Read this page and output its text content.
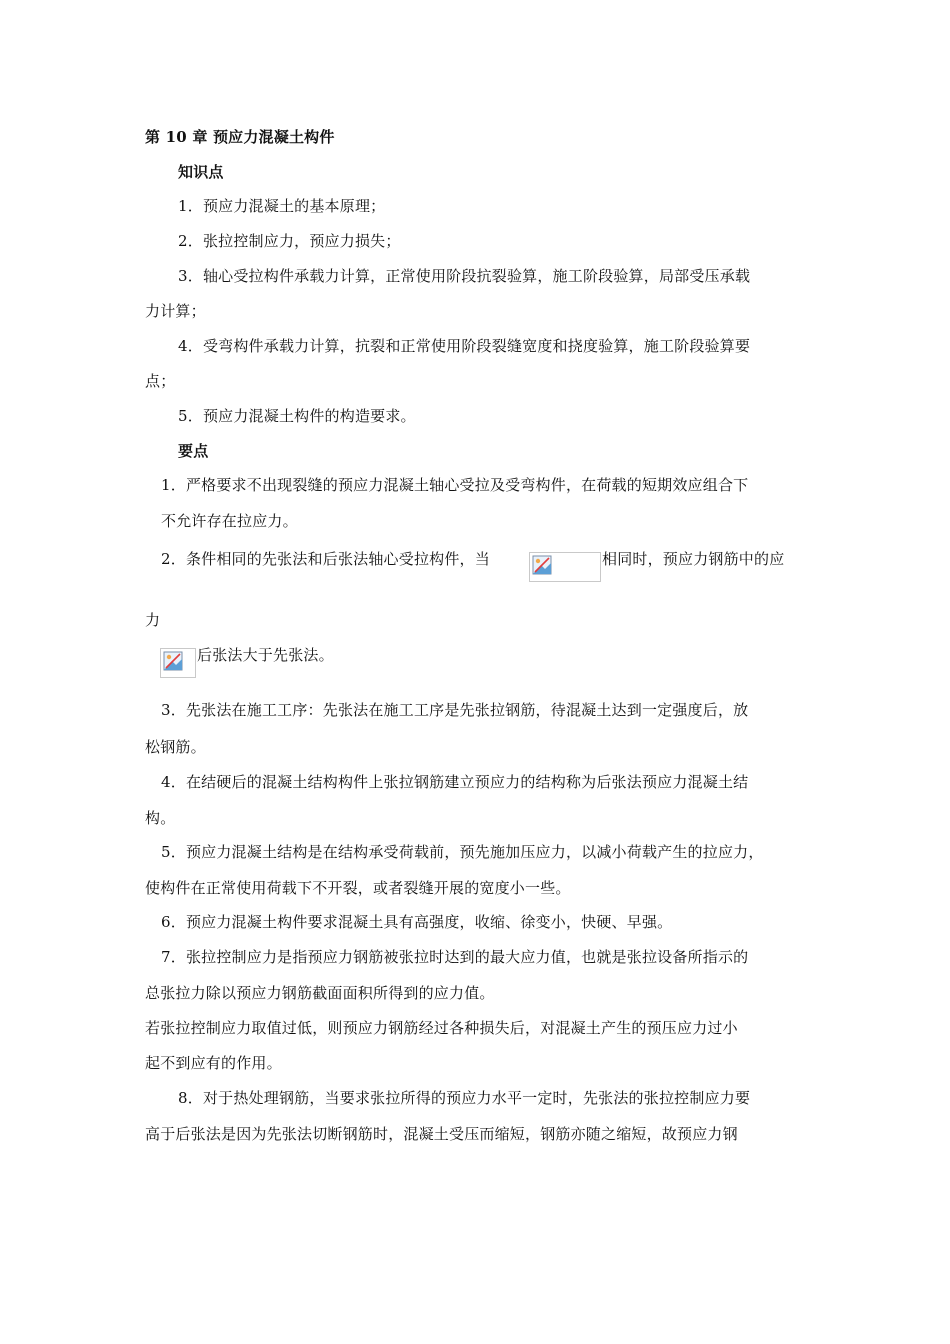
第 10 章 预应力混凝土构件
知识点
1．预应力混凝土的基本原理；
2．张拉控制应力，预应力损失；
3．轴心受拉构件承载力计算，正常使用阶段抗裂验算，施工阶段验算，局部受压承载
力计算；
4．受弯构件承载力计算，抗裂和正常使用阶段裂缝宽度和挠度验算，施工阶段验算要
点；
5．预应力混凝土构件的构造要求。
要点
1．严格要求不出现裂缝的预应力混凝土轴心受拉及受弯构件，在荷载的短期效应组合下
不允许存在拉应力。
2．条件相同的先张法和后张法轴心受拉构件，当	相同时，预应力钢筋中的应
力
后张法大于先张法。
3．先张法在施工工序：先张法在施工工序是先张拉钢筋，待混凝土达到一定强度后，放
松钢筋。
4．在结硬后的混凝土结构构件上张拉钢筋建立预应力的结构称为后张法预应力混凝土结
构。
5．预应力混凝土结构是在结构承受荷载前，预先施加压应力，以减小荷载产生的拉应力，
使构件在正常使用荷载下不开裂，或者裂缝开展的宽度小一些。
6．预应力混凝土构件要求混凝土具有高强度，收缩、徐变小，快硬、早强。
7．张拉控制应力是指预应力钢筋被张拉时达到的最大应力值，也就是张拉设备所指示的
总张拉力除以预应力钢筋截面面积所得到的应力值。
若张拉控制应力取值过低，则预应力钢筋经过各种损失后，对混凝土产生的预压应力过小
起不到应有的作用。
8．对于热处理钢筋，当要求张拉所得的预应力水平一定时，先张法的张拉控制应力要
高于后张法是因为先张法切断钢筋时，混凝土受压而缩短，钢筋亦随之缩短，故预应力钢
